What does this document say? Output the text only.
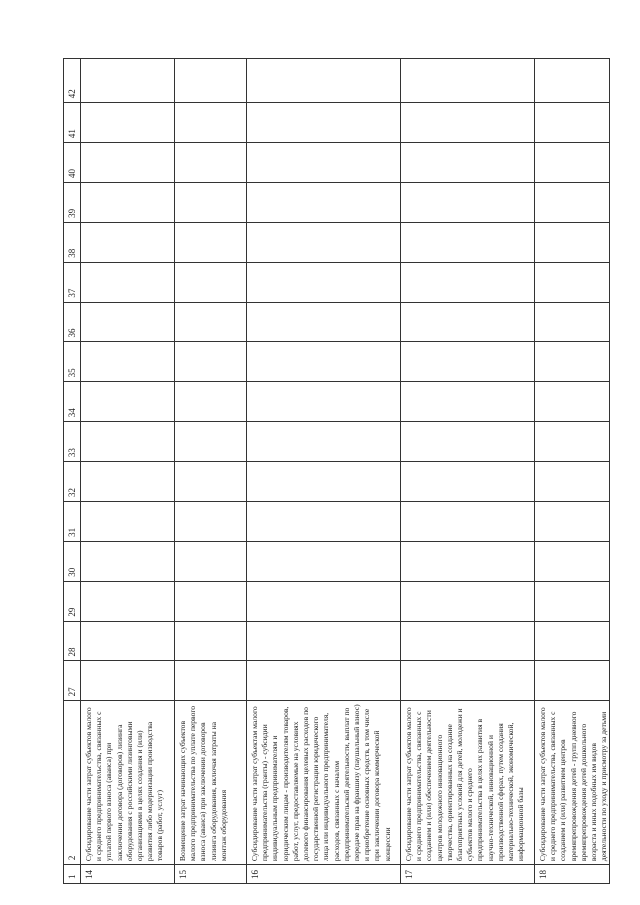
1	2	27	28	29	30	31	32	33	34	35	36	37	38	39	40	41	42
14	Субсидирование части затрат субъектов малого и среднего предпринимательства, связанных с уплатой первого взноса (аванса) при заключении договора (договоров) лизинга оборудования с российскими лизинговыми организациями в целях создания и (или) развития либо модернизации производства товаров (работ, услуг)																
15	Возмещение затрат начинающих субъектов малого предпринимательства по уплате первого взноса (аванса) при заключении договоров лизинга оборудования, включая затраты на монтаж оборудования																
16	Субсидирование части затрат субъектам малого предпринимательства (гранты) - субсидии индивидуальным предпринимателям и юридическим лицам - производителям товаров, работ, услуг, предоставляемые на условиях долевого финансирования целевых расходов по государственной регистрации юридического лица или индивидуального предпринимателя, расходов, связанных с началом предпринимательской деятельности, выплат по передаче прав на франшизу (паушальный взнос) и приобретение основных средств, в том числе при заключении договора коммерческой концессии																
17	Субсидирование части затрат субъектов малого и среднего предпринимательства, связанных с созданием и (или) обеспечением деятельности центров молодежного инновационного творчества, ориентированных на создание благоприятных условий для детей, молодежи и субъектов малого и среднего предпринимательства в целях их развития в научно-технической, инновационной и производственной сферах, путем создания материально-технической, экономической, информационной базы																
18	Субсидирование части затрат субъектов малого и среднего предпринимательства, связанных с созданием и (или) развитием центров времяпрепровождения детей - групп дневного времяпрепровождения детей дошкольного возраста и иных подобных им видов деятельности по уходу и присмотру за детьми																
